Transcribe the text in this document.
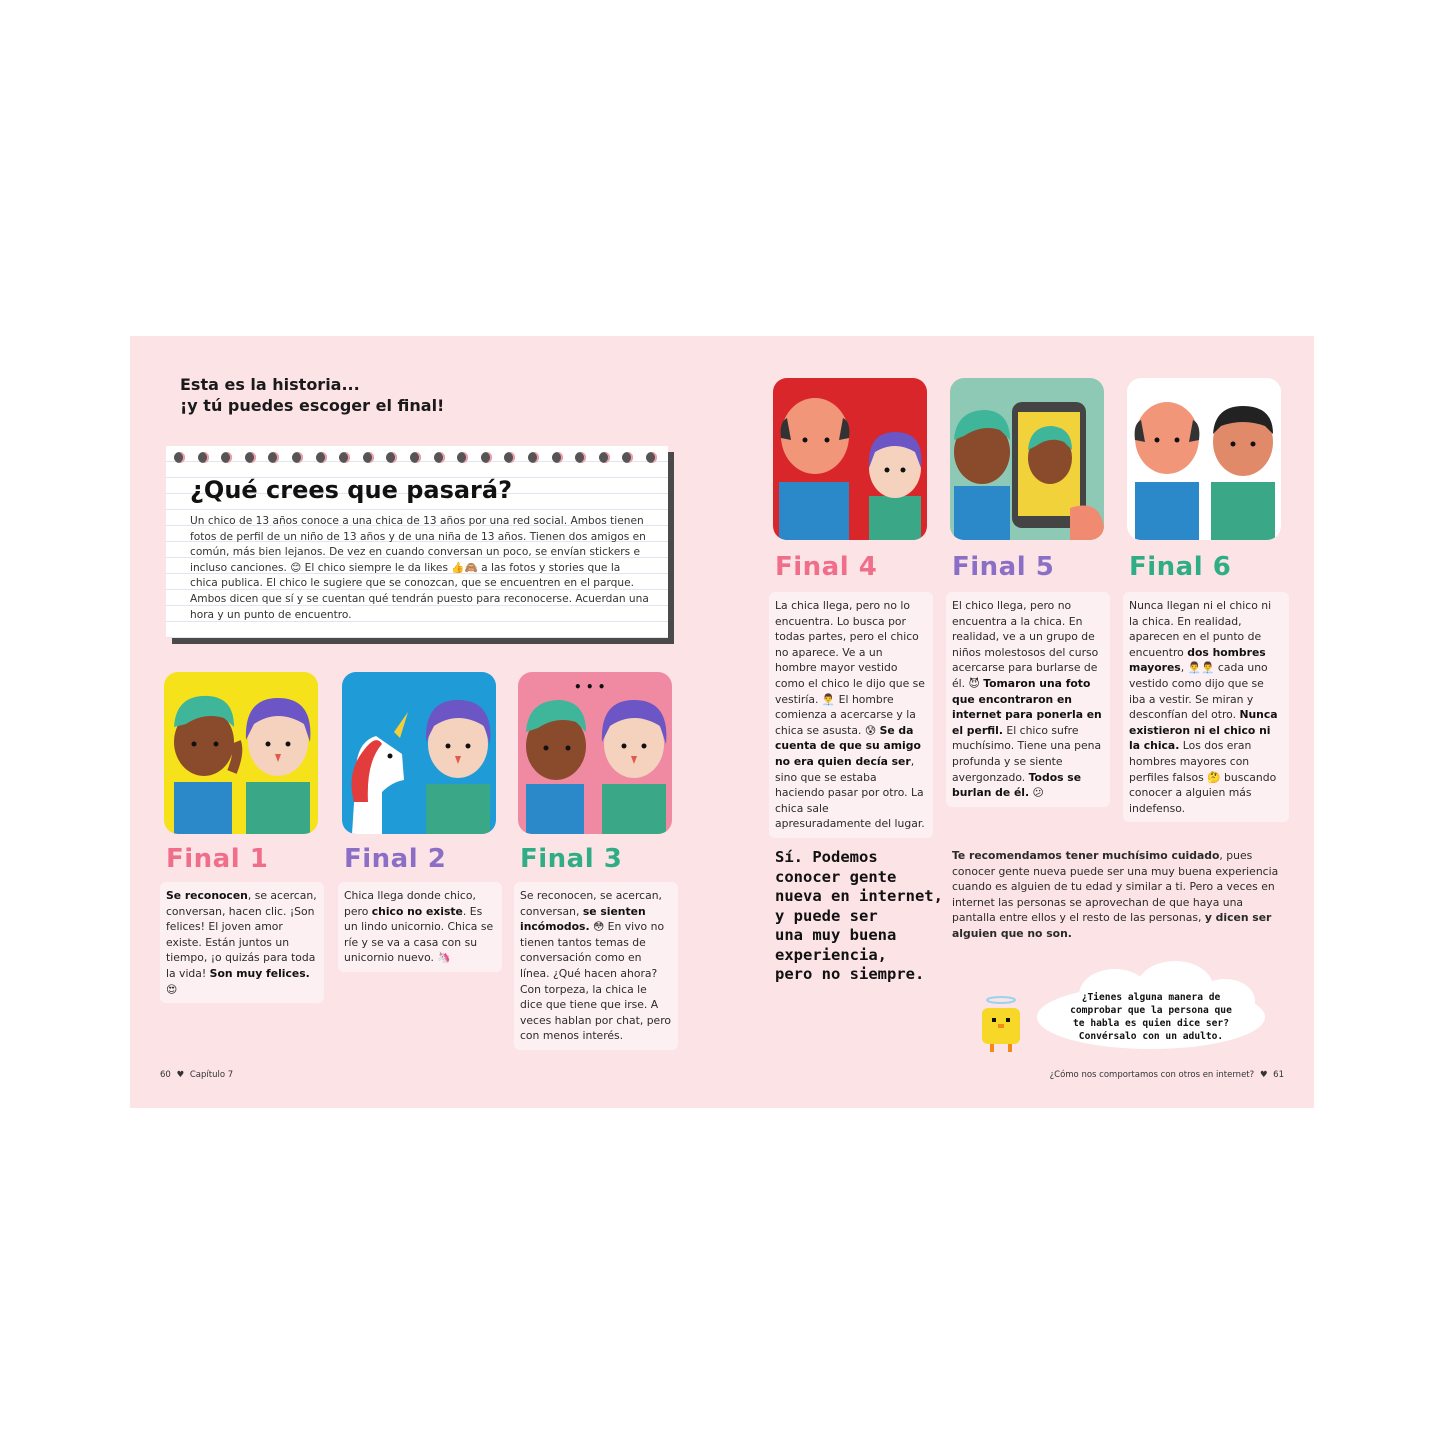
Esta es la historia...
¡y tú puedes escoger el final!
¿Qué crees que pasará?
Un chico de 13 años conoce a una chica de 13 años por una red social. Ambos tienen fotos de perfil de un niño de 13 años y de una niña de 13 años. Tienen dos amigos en común, más bien lejanos. De vez en cuando conversan un poco, se envían stickers e incluso canciones. 😊 El chico siempre le da likes 👍🙈 a las fotos y stories que la chica publica. El chico le sugiere que se conozcan, que se encuentren en el parque. Ambos dicen que sí y se cuentan qué tendrán puesto para reconocerse. Acuerdan una hora y un punto de encuentro.
• • •
Final 1
Se reconocen, se acercan, conversan, hacen clic. ¡Son felices! El joven amor existe. Están juntos un tiempo, ¡o quizás para toda la vida! Son muy felices. 😍
Final 2
Chica llega donde chico, pero chico no existe. Es un lindo unicornio. Chica se ríe y se va a casa con su unicornio nuevo. 🦄
Final 3
Se reconocen, se acercan, conversan, se sienten incómodos. 😳 En vivo no tienen tantos temas de conversación como en línea. ¿Qué hacen ahora? Con torpeza, la chica le dice que tiene que irse. A veces hablan por chat, pero con menos interés.
Final 4
La chica llega, pero no lo encuentra. Lo busca por todas partes, pero el chico no aparece. Ve a un hombre mayor vestido como el chico le dijo que se vestiría. 👨‍💼 El hombre comienza a acercarse y la chica se asusta. 😰 Se da cuenta de que su amigo no era quien decía ser, sino que se estaba haciendo pasar por otro. La chica sale apresuradamente del lugar.
Final 5
El chico llega, pero no encuentra a la chica. En realidad, ve a un grupo de niños molestosos del curso acercarse para burlarse de él. 😈 Tomaron una foto que encontraron en internet para ponerla en el perfil. El chico sufre muchísimo. Tiene una pena profunda y se siente avergonzado. Todos se burlan de él. 😕
Final 6
Nunca llegan ni el chico ni la chica. En realidad, aparecen en el punto de encuentro dos hombres mayores, 👨‍💼👨‍💼 cada uno vestido como dijo que se iba a vestir. Se miran y desconfían del otro. Nunca existieron ni el chico ni la chica. Los dos eran hombres mayores con perfiles falsos 🤔 buscando conocer a alguien más indefenso.
Sí. Podemos
conocer gente
nueva en internet,
y puede ser
una muy buena
experiencia,
pero no siempre.
Te recomendamos tener muchísimo cuidado, pues conocer gente nueva puede ser una muy buena experiencia cuando es alguien de tu edad y similar a ti. Pero a veces en internet las personas se aprovechan de que haya una pantalla entre ellos y el resto de las personas, y dicen ser alguien que no son.
¿Tienes alguna manera de
comprobar que la persona que
te habla es quien dice ser?
Convérsalo con un adulto.
60 ♥ Capítulo 7	¿Cómo nos comportamos con otros en internet? ♥ 61
